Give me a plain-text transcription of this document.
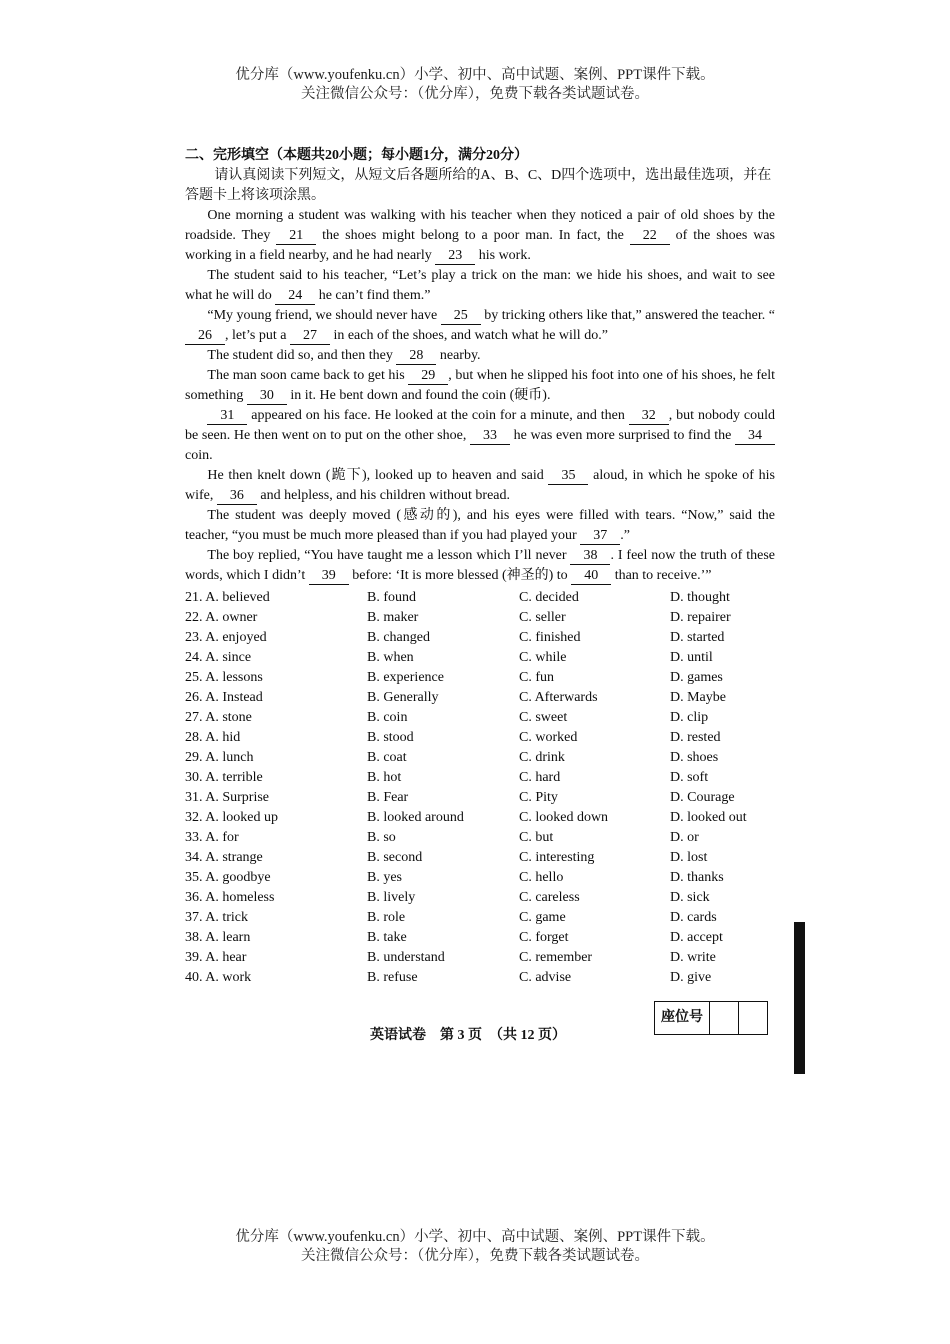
优分库（www.youfenku.cn）小学、初中、高中试题、案例、PPT课件下载。
关注微信公众号：（优分库），免费下载各类试题试卷。
二、完形填空（本题共20小题；每小题1分，满分20分）
请认真阅读下列短文，从短文后各题所给的A、B、C、D四个选项中，选出最佳选项，并在答题卡上将该项涂黑。

One morning a student was walking with his teacher when they noticed a pair of old shoes by the roadside. They 21 the shoes might belong to a poor man. In fact, the 22 of the shoes was working in a field nearby, and he had nearly 23 his work.

The student said to his teacher, “Let’s play a trick on the man: we hide his shoes, and wait to see what he will do 24 he can’t find them.”

“My young friend, we should never have 25 by tricking others like that,” answered the teacher. “26 , let’s put a 27 in each of the shoes, and watch what he will do.”

The student did so, and then they 28 nearby.

The man soon came back to get his 29 , but when he slipped his foot into one of his shoes, he felt something 30 in it. He bent down and found the coin (硬币).

31 appeared on his face. He looked at the coin for a minute, and then 32 , but nobody could be seen. He then went on to put on the other shoe, 33 he was even more surprised to find the 34 coin.

He then knelt down (跪下), looked up to heaven and said 35 aloud, in which he spoke of his wife, 36 and helpless, and his children without bread.

The student was deeply moved (感动的), and his eyes were filled with tears. “Now,” said the teacher, “you must be much more pleased than if you had played your 37 .”

The boy replied, “You have taught me a lesson which I’ll never 38 . I feel now the truth of these words, which I didn’t 39 before: ‘It is more blessed (神圣的) to 40 than to receive.’”

21. A. believed	B. found	C. decided	D. thought
22. A. owner	B. maker	C. seller	D. repairer
23. A. enjoyed	B. changed	C. finished	D. started
24. A. since	B. when	C. while	D. until
25. A. lessons	B. experience	C. fun	D. games
26. A. Instead	B. Generally	C. Afterwards	D. Maybe
27. A. stone	B. coin	C. sweet	D. clip
28. A. hid	B. stood	C. worked	D. rested
29. A. lunch	B. coat	C. drink	D. shoes
30. A. terrible	B. hot	C. hard	D. soft
31. A. Surprise	B. Fear	C. Pity	D. Courage
32. A. looked up	B. looked around	C. looked down	D. looked out
33. A. for	B. so	C. but	D. or
34. A. strange	B. second	C. interesting	D. lost
35. A. goodbye	B. yes	C. hello	D. thanks
36. A. homeless	B. lively	C. careless	D. sick
37. A. trick	B. role	C. game	D. cards
38. A. learn	B. take	C. forget	D. accept
39. A. hear	B. understand	C. remember	D. write
40. A. work	B. refuse	C. advise	D. give
英语试卷　第 3 页　（共 12 页）
座位号
优分库（www.youfenku.cn）小学、初中、高中试题、案例、PPT课件下载。
关注微信公众号：（优分库），免费下载各类试题试卷。
